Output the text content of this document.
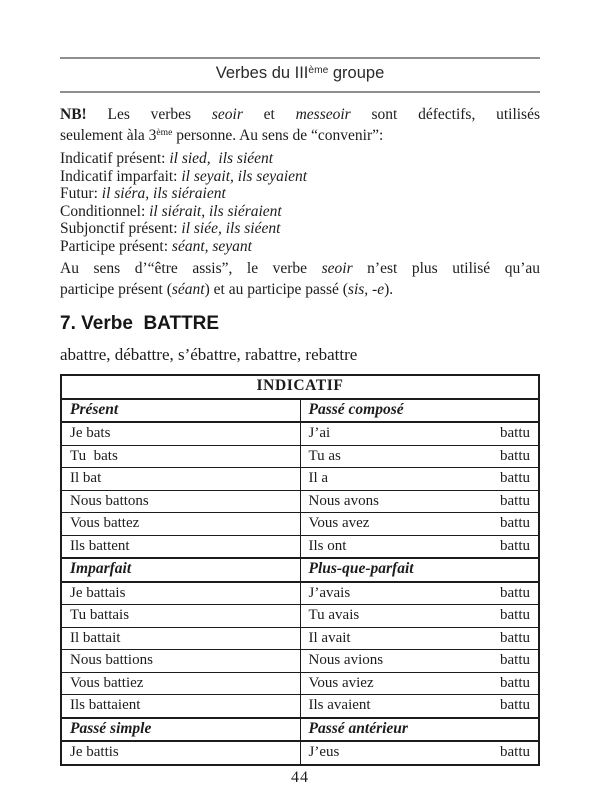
Verbes du IIIème groupe
NB! Les verbes seoir et messeoir sont défectifs, utilisés
seulement àla 3ème personne. Au sens de “convenir”:
Indicatif présent: il sied,  ils siéent
Indicatif imparfait: il seyait, ils seyaient
Futur: il siéra, ils siéraient
Conditionnel: il siérait, ils siéraient
Subjonctif présent: il siée, ils siéent
Participe présent: séant, seyant
Au sens d’“être assis”, le verbe seoir n’est plus utilisé qu’au
participe présent (séant) et au participe passé (sis, -e).
7. Verbe  BATTRE
abattre, débattre, s’ébattre, rabattre, rebattre
INDICATIF	
Présent	Passé composé
Je bats	J’ai battu

Tu  bats	Tu as battu

Il bat	Il a battu

Nous battons	Nous avons battu

Vous battez	Vous avez battu

Ils battent	Ils ont battu

Imparfait	Plus-que-parfait
Je battais	J’avais battu

Tu battais	Tu avais battu

Il battait	Il avait battu

Nous battions	Nous avions battu

Vous battiez	Vous aviez battu

Ils battaient	Ils avaient battu

Passé simple	Passé antérieur
Je battis	J’eus battu
44
